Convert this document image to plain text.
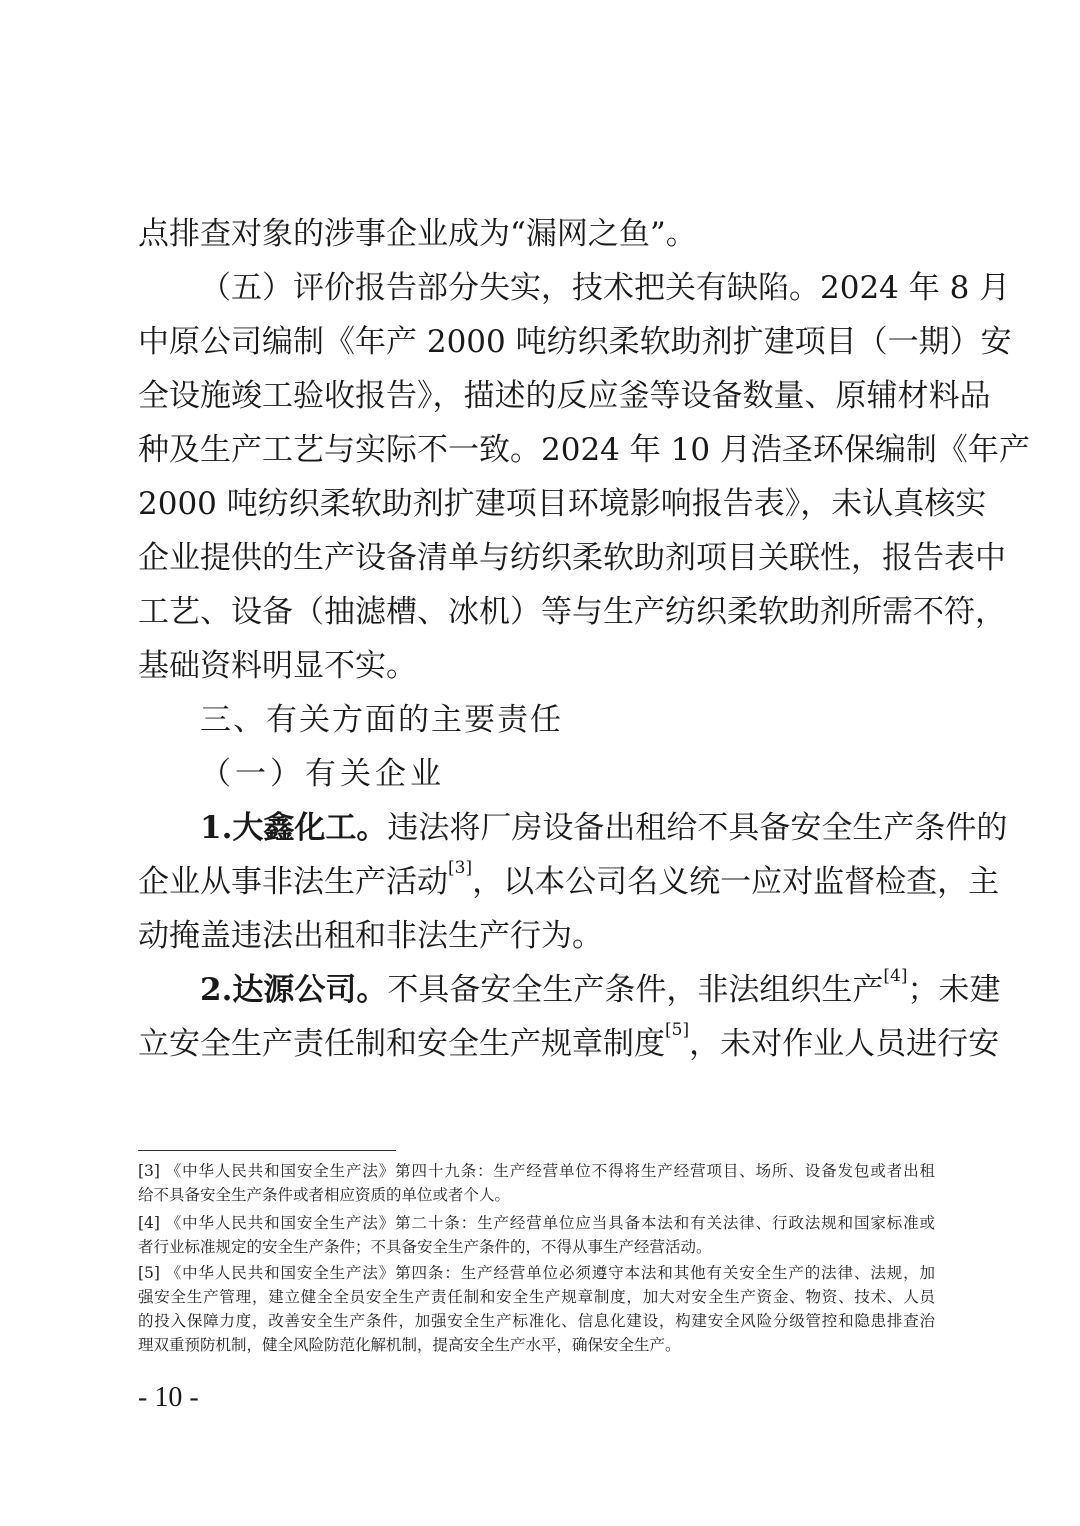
点排查对象的涉事企业成为“漏网之鱼”。
（五）评价报告部分失实，技术把关有缺陷。2024 年 8 月
中原公司编制《年产 2000 吨纺织柔软助剂扩建项目（一期）安
全设施竣工验收报告》，描述的反应釜等设备数量、原辅材料品
种及生产工艺与实际不一致。2024 年 10 月浩圣环保编制《年产
2000 吨纺织柔软助剂扩建项目环境影响报告表》，未认真核实
企业提供的生产设备清单与纺织柔软助剂项目关联性，报告表中
工艺、设备（抽滤槽、冰机）等与生产纺织柔软助剂所需不符，
基础资料明显不实。
三、有关方面的主要责任
（一）有关企业
1.大鑫化工。违法将厂房设备出租给不具备安全生产条件的
企业从事非法生产活动[3]，以本公司名义统一应对监督检查，主
动掩盖违法出租和非法生产行为。
2.达源公司。不具备安全生产条件，非法组织生产[4]；未建
立安全生产责任制和安全生产规章制度[5]，未对作业人员进行安
[3] 《中华人民共和国安全生产法》第四十九条：生产经营单位不得将生产经营项目、场所、设备发包或者出租
给不具备安全生产条件或者相应资质的单位或者个人。
[4] 《中华人民共和国安全生产法》第二十条：生产经营单位应当具备本法和有关法律、行政法规和国家标准或
者行业标准规定的安全生产条件；不具备安全生产条件的，不得从事生产经营活动。
[5] 《中华人民共和国安全生产法》第四条：生产经营单位必须遵守本法和其他有关安全生产的法律、法规，加
强安全生产管理，建立健全全员安全生产责任制和安全生产规章制度，加大对安全生产资金、物资、技术、人员
的投入保障力度，改善安全生产条件，加强安全生产标准化、信息化建设，构建安全风险分级管控和隐患排查治
理双重预防机制，健全风险防范化解机制，提高安全生产水平，确保安全生产。
- 10 -
